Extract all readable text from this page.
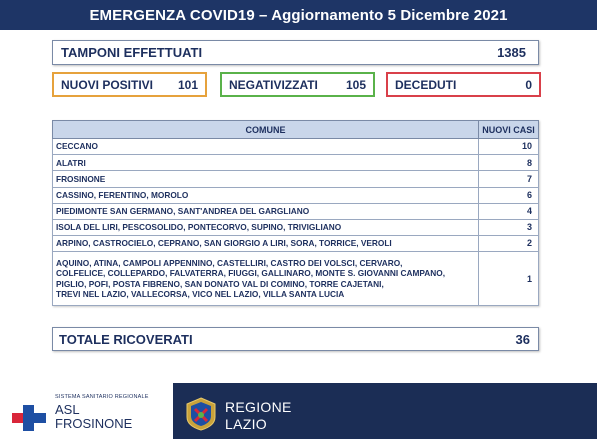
EMERGENZA COVID19 – Aggiornamento 5 Dicembre 2021
TAMPONI EFFETTUATI	1385
NUOVI POSITIVI 101	NEGATIVIZZATI 105 DECEDUTI	0
COMUNE	NUOVI CASI
CECCANO	10
ALATRI	8
FROSINONE	7
CASSINO, FERENTINO, MOROLO	6
PIEDIMONTE SAN GERMANO, SANT'ANDREA DEL GARGLIANO	4
ISOLA DEL LIRI, PESCOSOLIDO, PONTECORVO, SUPINO, TRIVIGLIANO	3
ARPINO, CASTROCIELO, CEPRANO, SAN GIORGIO A LIRI, SORA, TORRICE, VEROLI	2

AQUINO, ATINA, CAMPOLI APPENNINO, CASTELLIRI, CASTRO DEI VOLSCI, CERVARO,
COLFELICE, COLLEPARDO, FALVATERRA, FIUGGI, GALLINARO, MONTE S. GIOVANNI CAMPANO,
PIGLIO, POFI, POSTA FIBRENO, SAN DONATO VAL DI COMINO, TORRE CAJETANI,
TREVI NEL LAZIO, VALLECORSA, VICO NEL LAZIO, VILLA SANTA LUCIA	1
TOTALE RICOVERATI	36
SISTEMA SANITARIO REGIONALE
ASL
FROSINONE
REGIONE
LAZIO
